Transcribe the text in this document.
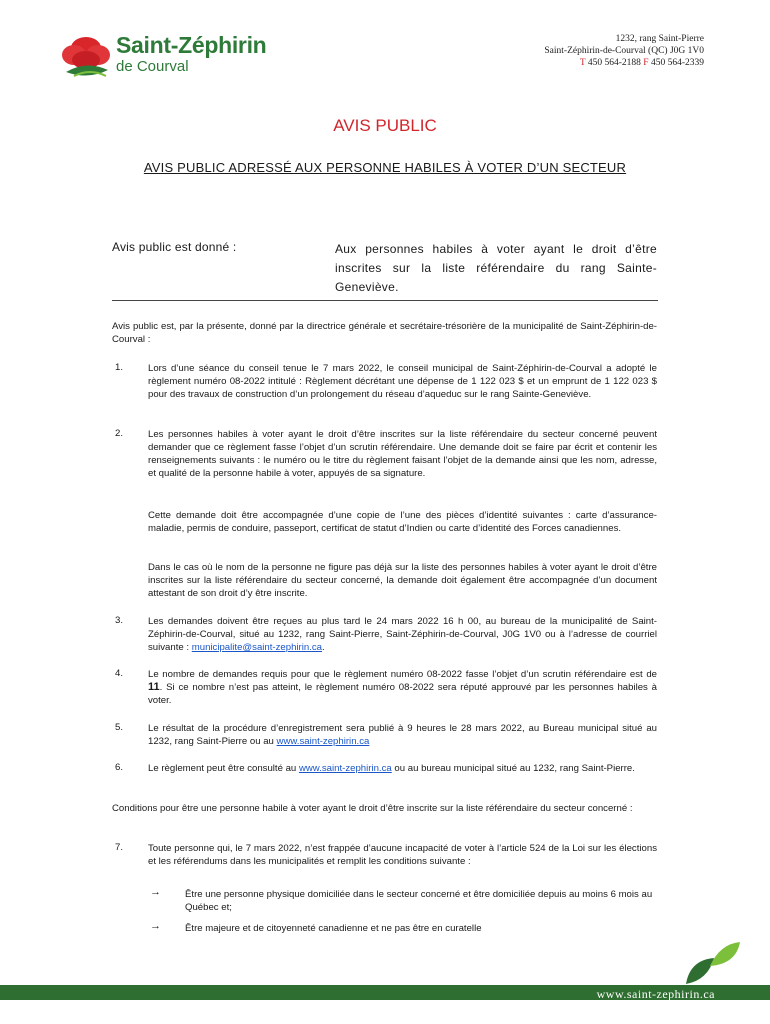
Saint-Zéphirin
de Courval
1232, rang Saint-Pierre
Saint-Zéphirin-de-Courval (QC) J0G 1V0
T 450 564-2188 F 450 564-2339
AVIS PUBLIC
AVIS PUBLIC ADRESSÉ AUX PERSONNE HABILES À VOTER D’UN SECTEUR
Avis public est donné :	Aux personnes habiles à voter ayant le droit d’être inscrites sur la liste référendaire du rang Sainte-Geneviève.
Avis public est, par la présente, donné par la directrice générale et secrétaire-trésorière de la municipalité de Saint-Zéphirin-de-Courval :
1.	Lors d’une séance du conseil tenue le 7 mars 2022, le conseil municipal de Saint-Zéphirin-de-Courval a adopté le règlement numéro 08-2022 intitulé : Règlement décrétant une dépense de 1 122 023 $ et un emprunt de 1 122 023 $ pour des travaux de construction d’un prolongement du réseau d’aqueduc sur le rang Sainte-Geneviève.
2.	Les personnes habiles à voter ayant le droit d’être inscrites sur la liste référendaire du secteur concerné peuvent demander que ce règlement fasse l’objet d’un scrutin référendaire. Une demande doit se faire par écrit et contenir les renseignements suivants : le numéro ou le titre du règlement faisant l’objet de la demande ainsi que les nom, adresse, et qualité de la personne habile à voter, appuyés de sa signature.
Cette demande doit être accompagnée d’une copie de l’une des pièces d’identité suivantes : carte d’assurance-maladie, permis de conduire, passeport, certificat de statut d’Indien ou carte d’identité des Forces canadiennes.
Dans le cas où le nom de la personne ne figure pas déjà sur la liste des personnes habiles à voter ayant le droit d’être inscrites sur la liste référendaire du secteur concerné, la demande doit également être accompagnée d’un document attestant de son droit d’y être inscrite.
3.	Les demandes doivent être reçues au plus tard le 24 mars 2022 16 h 00, au bureau de la municipalité de Saint-Zéphirin-de-Courval, situé au 1232, rang Saint-Pierre, Saint-Zéphirin-de-Courval, J0G 1V0 ou à l’adresse de courriel suivante : municipalite@saint-zephirin.ca.
4.	Le nombre de demandes requis pour que le règlement numéro 08-2022 fasse l’objet d’un scrutin référendaire est de 11. Si ce nombre n’est pas atteint, le règlement numéro 08-2022 sera réputé approuvé par les personnes habiles à voter.
5.	Le résultat de la procédure d’enregistrement sera publié à 9 heures le 28 mars 2022, au Bureau municipal situé au 1232, rang Saint-Pierre ou au www.saint-zephirin.ca
6.	Le règlement peut être consulté au www.saint-zephirin.ca ou au bureau municipal situé au 1232, rang Saint-Pierre.
Conditions pour être une personne habile à voter ayant le droit d’être inscrite sur la liste référendaire du secteur concerné :
7.	Toute personne qui, le 7 mars 2022, n’est frappée d’aucune incapacité de voter à l’article 524 de la Loi sur les élections et les référendums dans les municipalités et remplit les conditions suivante :
→	Être une personne physique domiciliée dans le secteur concerné et être domiciliée depuis au moins 6 mois au Québec et;
→	Être majeure et de citoyenneté canadienne et ne pas être en curatelle
www.saint-zephirin.ca
